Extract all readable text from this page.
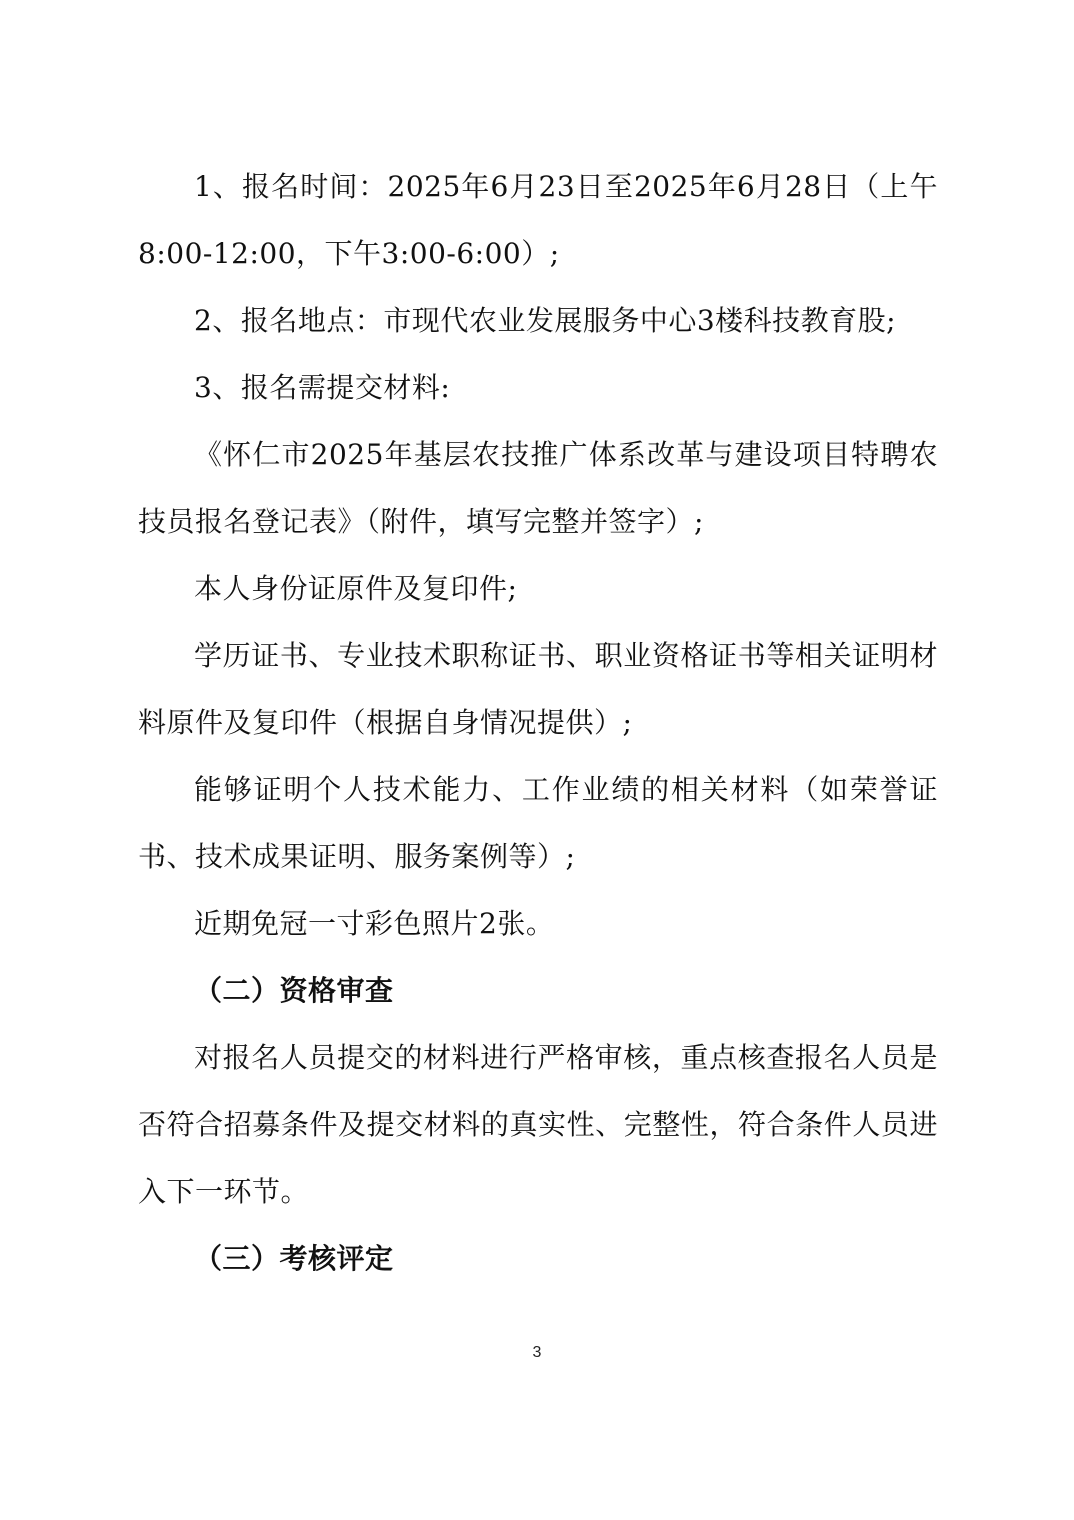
1、报名时间：2025年6月23日至2025年6月28日（上午8:00-12:00，下午3:00-6:00）;

2、报名地点：市现代农业发展服务中心3楼科技教育股;

3、报名需提交材料:

《怀仁市2025年基层农技推广体系改革与建设项目特聘农技员报名登记表》（附件，填写完整并签字）;

本人身份证原件及复印件;

学历证书、专业技术职称证书、职业资格证书等相关证明材料原件及复印件（根据自身情况提供）;

能够证明个人技术能力、工作业绩的相关材料（如荣誉证书、技术成果证明、服务案例等）;

近期免冠一寸彩色照片2张。

（二）资格审查

对报名人员提交的材料进行严格审核，重点核查报名人员是否符合招募条件及提交材料的真实性、完整性，符合条件人员进入下一环节。

（三）考核评定

3
